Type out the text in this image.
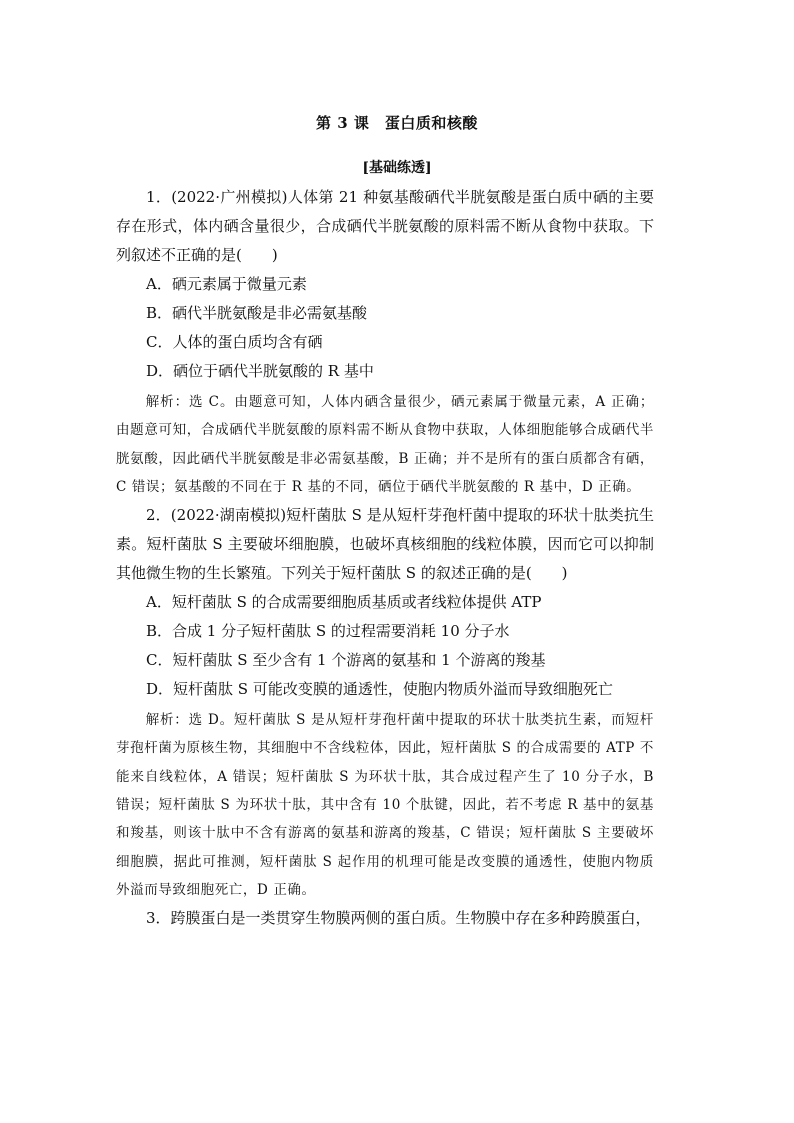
第 3 课　蛋白质和核酸
[基础练透]

1．(2022·广州模拟)人体第 21 种氨基酸硒代半胱氨酸是蛋白质中硒的主要存在形式，体内硒含量很少，合成硒代半胱氨酸的原料需不断从食物中获取。下列叙述不正确的是(　　)

A．硒元素属于微量元素

B．硒代半胱氨酸是非必需氨基酸

C．人体的蛋白质均含有硒

D．硒位于硒代半胱氨酸的 R 基中

解析：选 C。由题意可知，人体内硒含量很少，硒元素属于微量元素，A 正确；由题意可知，合成硒代半胱氨酸的原料需不断从食物中获取，人体细胞能够合成硒代半胱氨酸，因此硒代半胱氨酸是非必需氨基酸，B 正确；并不是所有的蛋白质都含有硒，C 错误；氨基酸的不同在于 R 基的不同，硒位于硒代半胱氨酸的 R 基中，D 正确。

2．(2022·湖南模拟)短杆菌肽 S 是从短杆芽孢杆菌中提取的环状十肽类抗生素。短杆菌肽 S 主要破坏细胞膜，也破坏真核细胞的线粒体膜，因而它可以抑制其他微生物的生长繁殖。下列关于短杆菌肽 S 的叙述正确的是(　　)

A．短杆菌肽 S 的合成需要细胞质基质或者线粒体提供 ATP

B．合成 1 分子短杆菌肽 S 的过程需要消耗 10 分子水

C．短杆菌肽 S 至少含有 1 个游离的氨基和 1 个游离的羧基

D．短杆菌肽 S 可能改变膜的通透性，使胞内物质外溢而导致细胞死亡

解析：选 D。短杆菌肽 S 是从短杆芽孢杆菌中提取的环状十肽类抗生素，而短杆芽孢杆菌为原核生物，其细胞中不含线粒体，因此，短杆菌肽 S 的合成需要的 ATP 不能来自线粒体，A 错误；短杆菌肽 S 为环状十肽，其合成过程产生了 10 分子水，B 错误；短杆菌肽 S 为环状十肽，其中含有 10 个肽键，因此，若不考虑 R 基中的氨基和羧基，则该十肽中不含有游离的氨基和游离的羧基，C 错误；短杆菌肽 S 主要破坏细胞膜，据此可推测，短杆菌肽 S 起作用的机理可能是改变膜的通透性，使胞内物质外溢而导致细胞死亡，D 正确。

3．跨膜蛋白是一类贯穿生物膜两侧的蛋白质。生物膜中存在多种跨膜蛋白，
